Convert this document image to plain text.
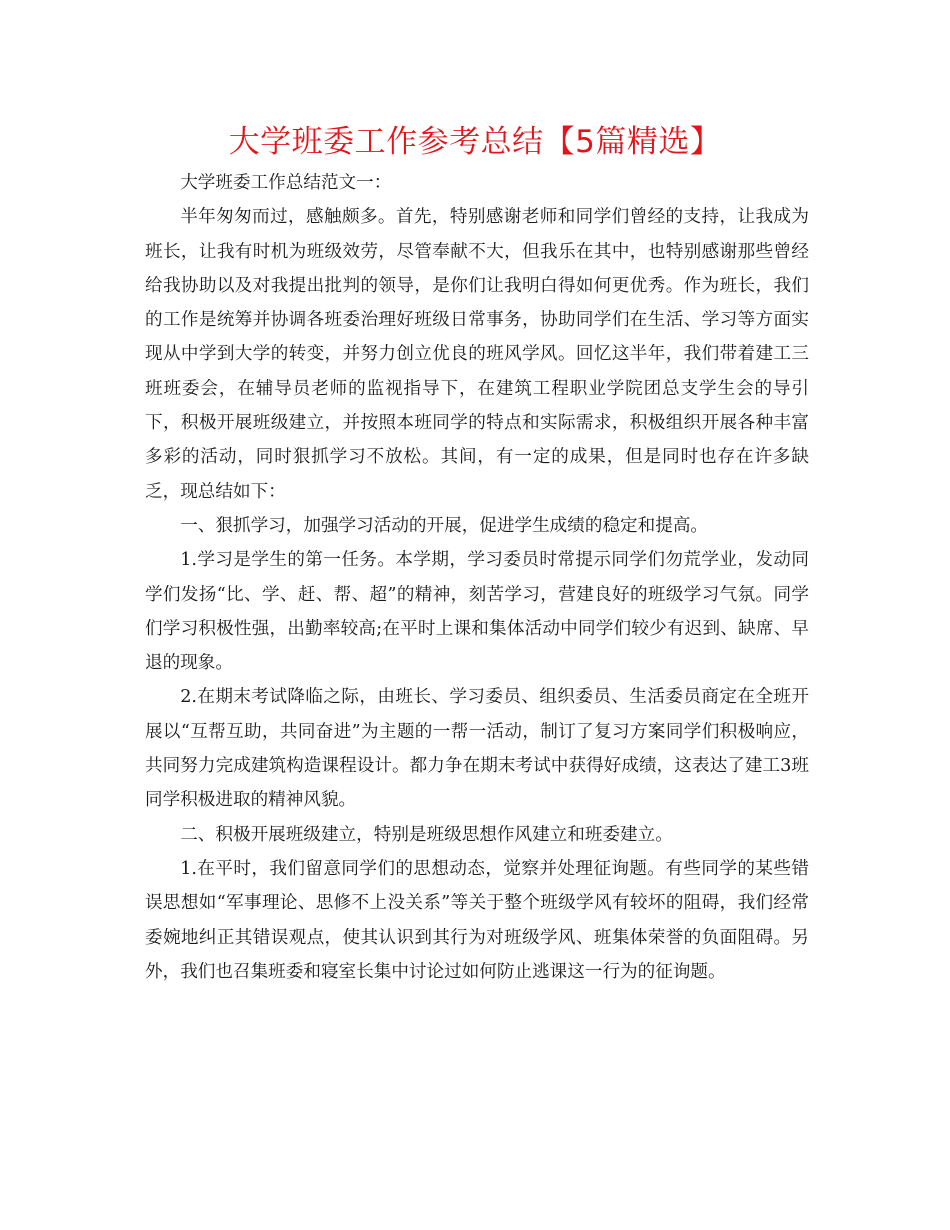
大学班委工作参考总结【5篇精选】

大学班委工作总结范文一：

半年匆匆而过，感触颇多。首先，特别感谢老师和同学们曾经的支持，让我成为班长，让我有时机为班级效劳，尽管奉献不大，但我乐在其中，也特别感谢那些曾经给我协助以及对我提出批判的领导，是你们让我明白得如何更优秀。作为班长，我们的工作是统筹并协调各班委治理好班级日常事务，协助同学们在生活、学习等方面实现从中学到大学的转变，并努力创立优良的班风学风。回忆这半年，我们带着建工三班班委会，在辅导员老师的监视指导下，在建筑工程职业学院团总支学生会的导引下，积极开展班级建立，并按照本班同学的特点和实际需求，积极组织开展各种丰富多彩的活动，同时狠抓学习不放松。其间，有一定的成果，但是同时也存在许多缺乏，现总结如下：

一、狠抓学习，加强学习活动的开展，促进学生成绩的稳定和提高。

1.学习是学生的第一任务。本学期，学习委员时常提示同学们勿荒学业，发动同学们发扬“比、学、赶、帮、超”的精神，刻苦学习，营建良好的班级学习气氛。同学们学习积极性强，出勤率较高;在平时上课和集体活动中同学们较少有迟到、缺席、早退的现象。

2.在期末考试降临之际，由班长、学习委员、组织委员、生活委员商定在全班开展以“互帮互助，共同奋进”为主题的一帮一活动，制订了复习方案同学们积极响应，共同努力完成建筑构造课程设计。都力争在期末考试中获得好成绩，这表达了建工3班同学积极进取的精神风貌。

二、积极开展班级建立，特别是班级思想作风建立和班委建立。

1.在平时，我们留意同学们的思想动态，觉察并处理征询题。有些同学的某些错误思想如“军事理论、思修不上没关系”等关于整个班级学风有较坏的阻碍，我们经常委婉地纠正其错误观点，使其认识到其行为对班级学风、班集体荣誉的负面阻碍。另外，我们也召集班委和寝室长集中讨论过如何防止逃课这一行为的征询题。
